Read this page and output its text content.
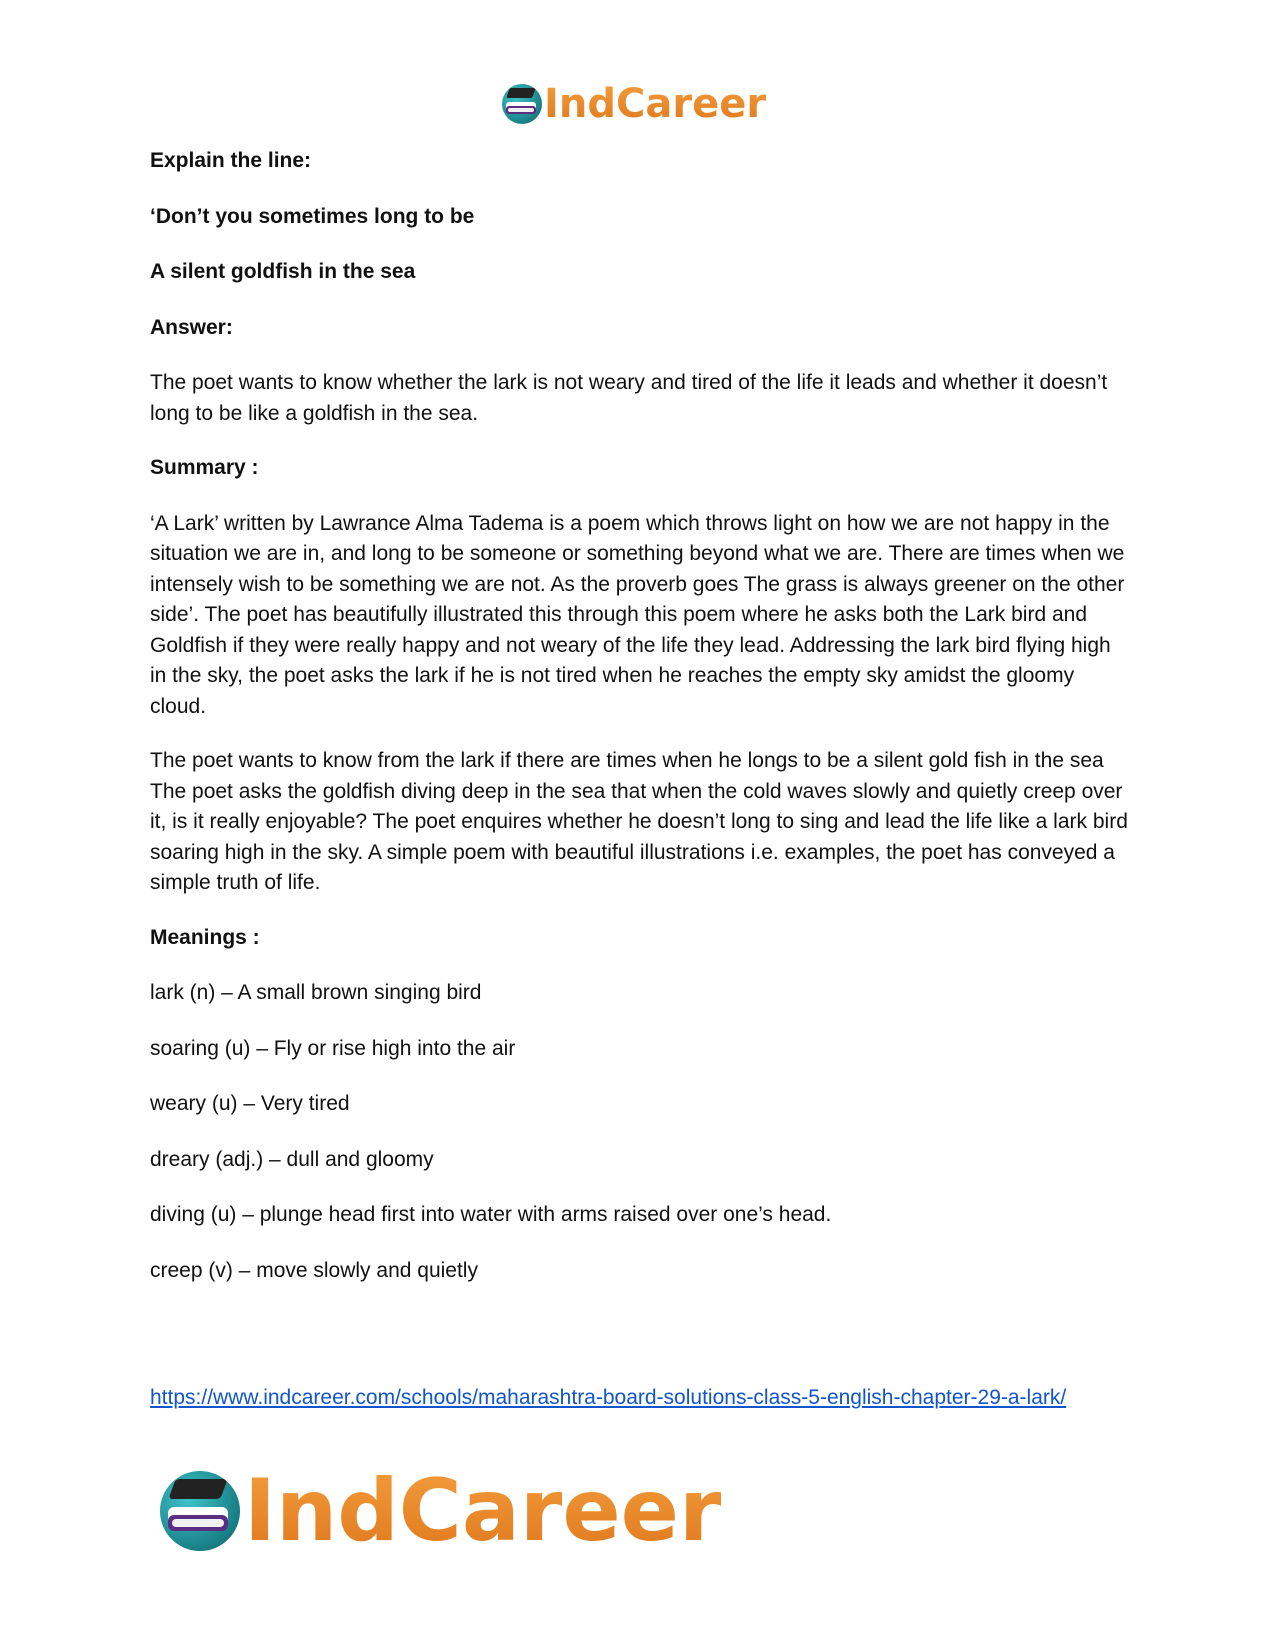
IndCareer

Explain the line:

‘Don’t you sometimes long to be

A silent goldfish in the sea

Answer:

The poet wants to know whether the lark is not weary and tired of the life it leads and whether it doesn’t long to be like a goldfish in the sea.

Summary :

‘A Lark’ written by Lawrance Alma Tadema is a poem which throws light on how we are not happy in the situation we are in, and long to be someone or something beyond what we are. There are times when we intensely wish to be something we are not. As the proverb goes The grass is always greener on the other side’. The poet has beautifully illustrated this through this poem where he asks both the Lark bird and Goldfish if they were really happy and not weary of the life they lead. Addressing the lark bird flying high in the sky, the poet asks the lark if he is not tired when he reaches the empty sky amidst the gloomy cloud.

The poet wants to know from the lark if there are times when he longs to be a silent gold fish in the sea The poet asks the goldfish diving deep in the sea that when the cold waves slowly and quietly creep over it, is it really enjoyable? The poet enquires whether he doesn’t long to sing and lead the life like a lark bird soaring high in the sky. A simple poem with beautiful illustrations i.e. examples, the poet has conveyed a simple truth of life.

Meanings :

lark (n) – A small brown singing bird

soaring (u) – Fly or rise high into the air

weary (u) – Very tired

dreary (adj.) – dull and gloomy

diving (u) – plunge head first into water with arms raised over one’s head.

creep (v) – move slowly and quietly

https://www.indcareer.com/schools/maharashtra-board-solutions-class-5-english-chapter-29-a-lark/
IndCareer
